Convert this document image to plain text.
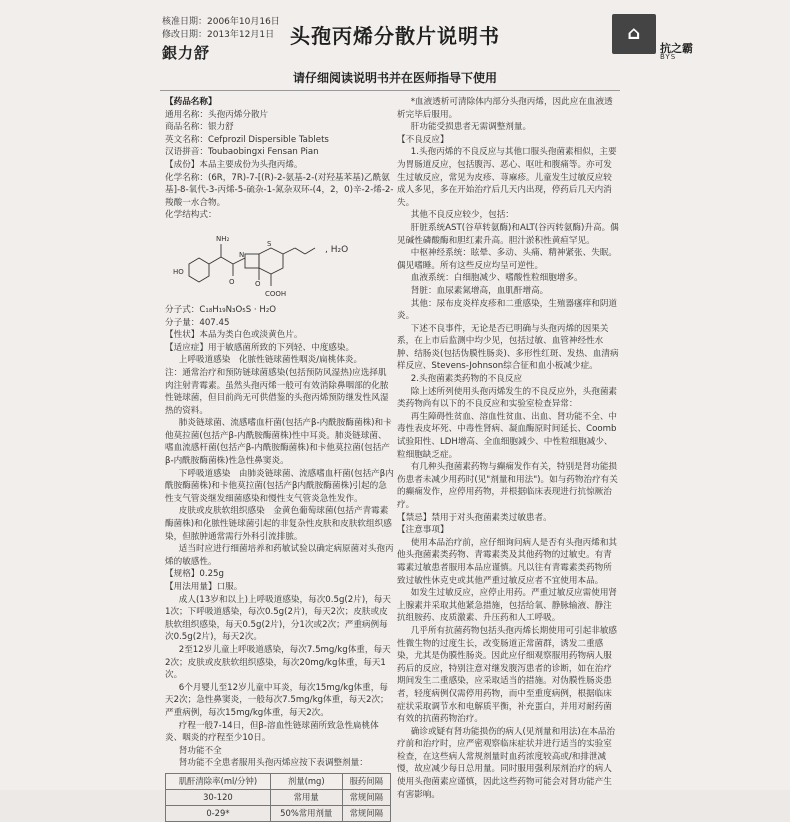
核准日期：2006年10月16日
修改日期：2013年12月1日
銀力舒
⌂
抗之霸
BYS
头孢丙烯分散片说明书
请仔细阅读说明书并在医师指导下使用

【药品名称】

通用名称：头孢丙烯分散片

商品名称：银力舒

英文名称：Cefprozil Dispersible Tablets

汉语拼音：Toubaobingxi Fensan Pian

【成份】本品主要成份为头孢丙烯。

化学名称：(6R，7R)-7-[(R)-2-氨基-2-(对羟基苯基)乙酰氨基]-8-氧代-3-丙烯-5-硫杂-1-氮杂双环-(4，2，0)辛-2-烯-2-羧酸一水合物。

化学结构式：

HO
NH₂
O
N
O
S
COOH
, H₂O

分子式：C₁₈H₁₉N₃O₅S · H₂O

分子量：407.45

【性状】本品为类白色或淡黄色片。

【适应症】用于敏感菌所致的下列轻、中度感染。

上呼吸道感染　化脓性链球菌性咽炎/扁桃体炎。

注：通常治疗和预防链球菌感染(包括预防风湿热)应选择肌肉注射青霉素。虽然头孢丙烯一般可有效消除鼻咽部的化脓性链球菌，但目前尚无可供借鉴的头孢丙烯预防继发性风湿热的资料。

肺炎链球菌、流感嗜血杆菌(包括产β-内酰胺酶菌株)和卡他莫拉菌(包括产β-内酰胺酶菌株)性中耳炎。肺炎链球菌、嗜血流感杆菌(包括产β-内酰胺酶菌株)和卡他莫拉菌(包括产β-内酰胺酶菌株)性急性鼻窦炎。

下呼吸道感染　由肺炎链球菌、流感嗜血杆菌(包括产β内酰胺酶菌株)和卡他莫拉菌(包括产β内酰胺酶菌株)引起的急性支气管炎继发细菌感染和慢性支气管炎急性发作。

皮肤或皮肤软组织感染　金黄色葡萄球菌(包括产青霉素酶菌株)和化脓性链球菌引起的非复杂性皮肤和皮肤软组织感染，但脓肿通常需行外科引流排脓。

适当时应进行细菌培养和药敏试验以确定病原菌对头孢丙烯的敏感性。

【规格】0.25g

【用法用量】口服。

成人(13岁和以上)上呼吸道感染，每次0.5g(2片)，每天1次；下呼吸道感染，每次0.5g(2片)，每天2次；皮肤或皮肤软组织感染，每天0.5g(2片)，分1次或2次；严重病例每次0.5g(2片)，每天2次。

2至12岁儿童上呼吸道感染，每次7.5mg/kg体重，每天2次；皮肤或皮肤软组织感染，每次20mg/kg体重，每天1次。

6个月婴儿至12岁儿童中耳炎，每次15mg/kg体重，每天2次；急性鼻窦炎，一般每次7.5mg/kg体重，每天2次；严重病例，每次15mg/kg体重，每天2次。

疗程一般7-14日，但β-溶血性链球菌所致急性扁桃体炎、咽炎的疗程至少10日。

肾功能不全

肾功能不全患者服用头孢丙烯应按下表调整剂量：

肌酐清除率(ml/分钟)	剂量(mg)	服药间隔
30-120	常用量	常规间隔
0-29*	50%常用剂量	常规间隔

*血液透析可清除体内部分头孢丙烯，因此应在血液透析完毕后服用。

肝功能受损患者无需调整剂量。

【不良反应】

1.头孢丙烯的不良反应与其他口服头孢菌素相似，主要为胃肠道反应，包括腹泻、恶心、呕吐和腹痛等。亦可发生过敏反应，常见为皮疹、荨麻疹。儿童发生过敏反应较成人多见，多在开始治疗后几天内出现，停药后几天内消失。

其他不良反应较少，包括：

肝脏系统AST(谷草转氨酶)和ALT(谷丙转氨酶)升高。偶见碱性磷酸酶和胆红素升高。胆汁淤积性黄疸罕见。

中枢神经系统：眩晕、多动、头痛、精神紧张、失眠。偶见嗜睡。所有这些反应均呈可逆性。

血液系统：白细胞减少、嗜酸性粒细胞增多。

肾脏：血尿素氮增高，血肌酐增高。

其他：尿布皮炎样皮疹和二重感染，生殖器瘙痒和阴道炎。

下述不良事件，无论是否已明确与头孢丙烯的因果关系，在上市后监测中均少见，包括过敏、血管神经性水肿、结肠炎(包括伪膜性肠炎)、多形性红斑、发热、血清病样反应、Stevens-Johnson综合征和血小板减少症。

2.头孢菌素类药物的不良反应

除上述所列使用头孢丙烯发生的不良反应外，头孢菌素类药物尚有以下的不良反应和实验室检查异常：

再生障碍性贫血、溶血性贫血、出血、肾功能不全、中毒性表皮坏死、中毒性肾病、凝血酶原时间延长、Coomb试验阳性、LDH增高、全血细胞减少、中性粒细胞减少、粒细胞缺乏症。

有几种头孢菌素药物与癫痫发作有关，特别是肾功能损伤患者未减少用药时(见"剂量和用法")。如与药物治疗有关的癫痫发作，应停用药物，并根据临床表现进行抗惊厥治疗。

【禁忌】禁用于对头孢菌素类过敏患者。

【注意事项】

使用本品治疗前，应仔细询问病人是否有头孢丙烯和其他头孢菌素类药物、青霉素类及其他药物的过敏史。有青霉素过敏患者服用本品应谨慎。凡以往有青霉素类药物所致过敏性休克史或其他严重过敏反应者不宜使用本品。

如发生过敏反应，应停止用药。严重过敏反应需使用肾上腺素并采取其他紧急措施，包括给氧、静脉输液、静注抗组胺药、皮质激素、升压药和人工呼吸。

几乎所有抗菌药物包括头孢丙烯长期使用可引起非敏感性微生物的过度生长，改变肠道正常菌群，诱发二重感染，尤其是伪膜性肠炎。因此应仔细观察服用药物病人服药后的反应，特别注意对继发腹泻患者的诊断，如在治疗期间发生二重感染，应采取适当的措施。对伪膜性肠炎患者，轻度病例仅需停用药物，而中至重度病例，根据临床症状采取调节水和电解质平衡，补充蛋白，并用对耐药菌有效的抗菌药物治疗。

确诊或疑有肾功能损伤的病人(见剂量和用法)在本品治疗前和治疗时，应严密观察临床症状并进行适当的实验室检查，在这些病人常规剂量时血药浓度较高或/和排泄减慢，故应减少每日总用量。同时服用强利尿剂治疗的病人使用头孢菌素应谨慎，因此这些药物可能会对肾功能产生有害影响。
